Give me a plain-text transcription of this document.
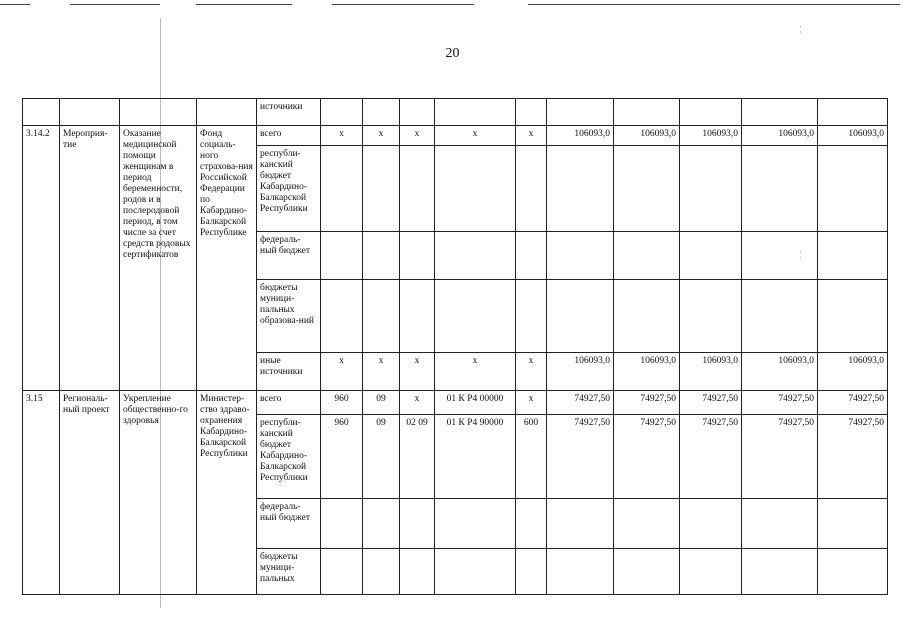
¦
¦
20
				источники										
3.14.2	Мероприя-тие	Оказание медицинской помощи женщинам в период беременности, родов и в послеродовой период, в том числе за счет средств родовых сертификатов	Фонд социаль-ного страхова-ния Российской Федерации по Кабардино-Балкарской Республике	всего	х	х	х	х	х	106093,0	106093,0	106093,0	106093,0	106093,0
				республи-канский бюджет Кабардино-Балкарской Республики										
				федераль-ный бюджет										
				бюджеты муници-пальных образова-ний										
				иные источники	х	х	х	х	х	106093,0	106093,0	106093,0	106093,0	106093,0
3.15	Региональ-ный проект	Укрепление общественно-го здоровья	Министер-ство здраво-охранения Кабардино-Балкарской Республики	всего	960	09	х	01 К Р4 00000	х	74927,50	74927,50	74927,50	74927,50	74927,50
				республи-канский бюджет Кабардино-Балкарской Республики	960	09	02 09	01 К Р4 90000	600	74927,50	74927,50	74927,50	74927,50	74927,50
				федераль-ный бюджет										
				бюджеты муници-пальных										
